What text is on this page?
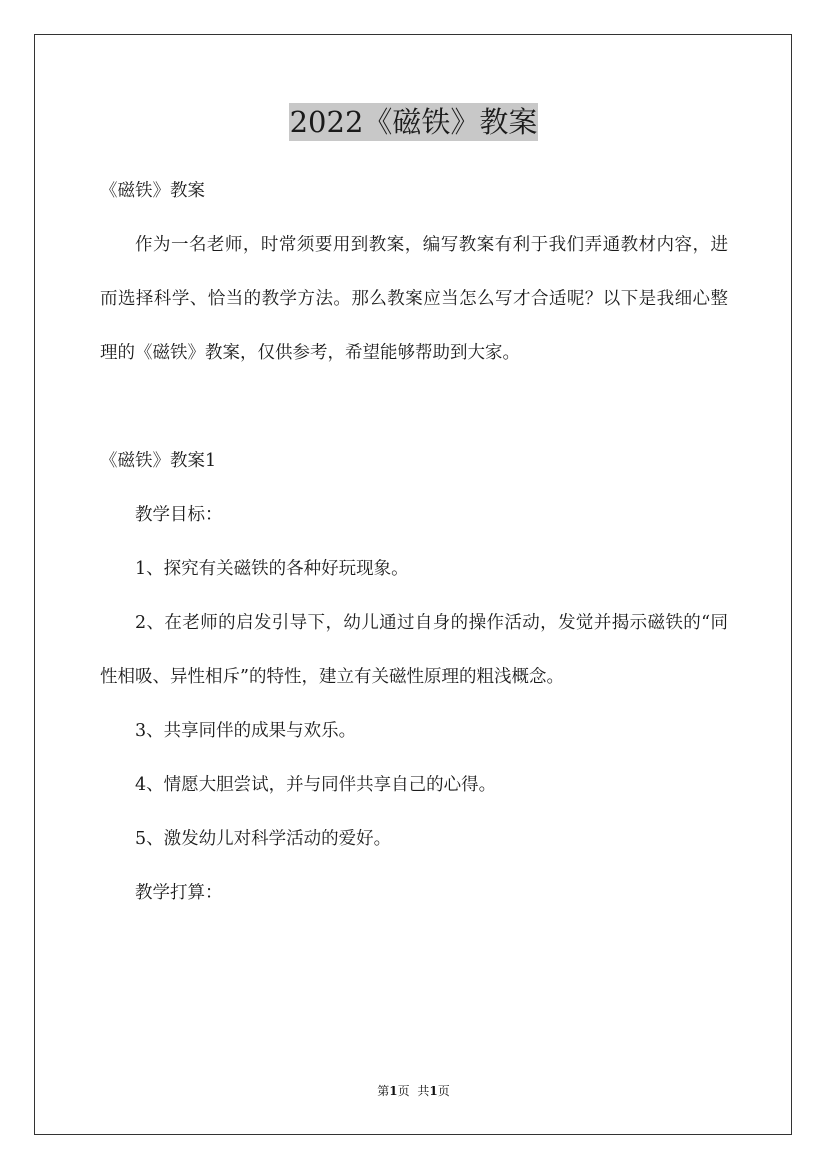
2022《磁铁》教案

《磁铁》教案

作为一名老师，时常须要用到教案，编写教案有利于我们弄通教材内容，进而选择科学、恰当的教学方法。那么教案应当怎么写才合适呢？以下是我细心整理的《磁铁》教案，仅供参考，希望能够帮助到大家。

《磁铁》教案1

教学目标：

1、探究有关磁铁的各种好玩现象。

2、在老师的启发引导下，幼儿通过自身的操作活动，发觉并揭示磁铁的“同性相吸、异性相斥”的特性，建立有关磁性原理的粗浅概念。

3、共享同伴的成果与欢乐。

4、情愿大胆尝试，并与同伴共享自己的心得。

5、激发幼儿对科学活动的爱好。

教学打算：

第1页 共1页
